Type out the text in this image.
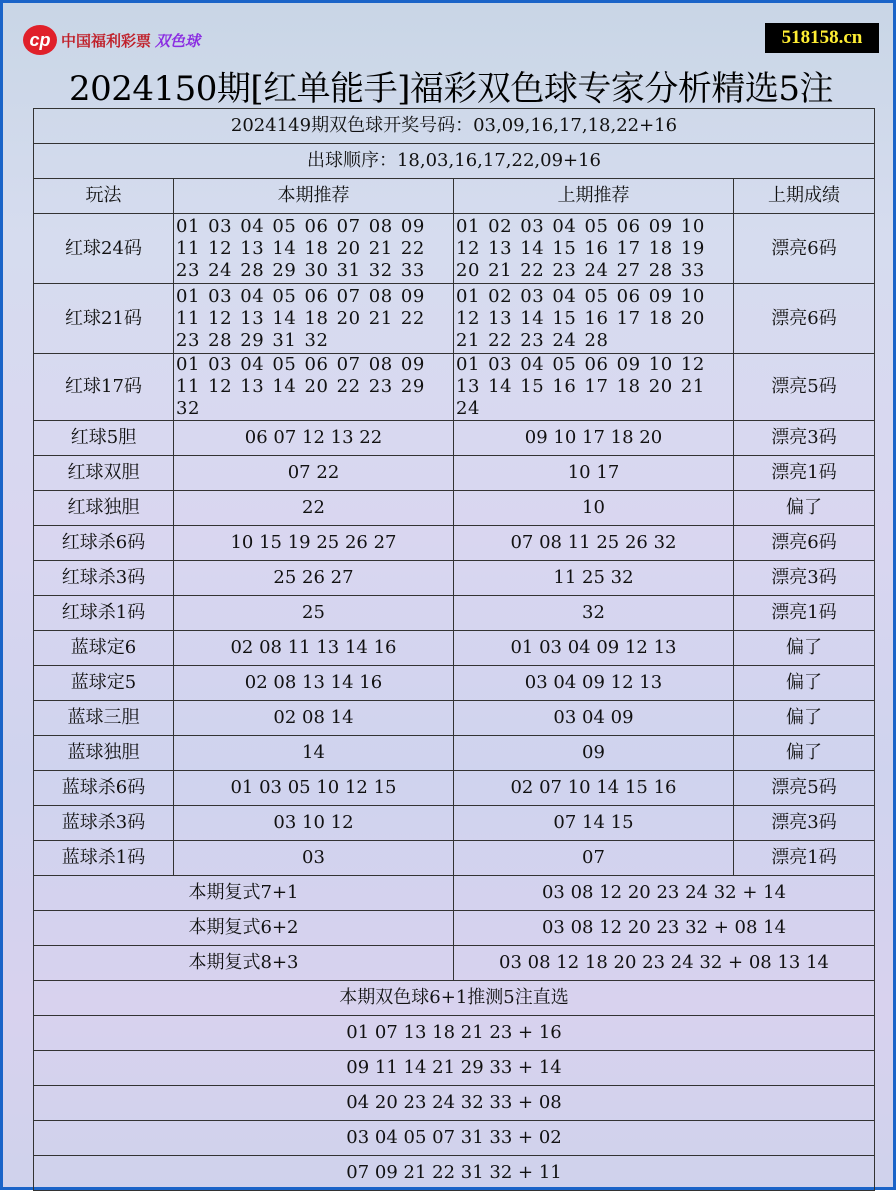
cp 中国福利彩票 双色球	518158.cn
2024150期[红单能手]福彩双色球专家分析精选5注
2024149期双色球开奖号码：03,09,16,17,18,22+16			
出球顺序：18,03,16,17,22,09+16			
玩法	本期推荐	上期推荐	上期成绩
红球24码	01 03 04 05 06 07 08 09 11 12 13 14 18 20 21 22 23 24 28 29 30 31 32 33	01 02 03 04 05 06 09 10 12 13 14 15 16 17 18 19 20 21 22 23 24 27 28 33	漂亮6码
红球21码	01 03 04 05 06 07 08 09 11 12 13 14 18 20 21 22 23 28 29 31 32	01 02 03 04 05 06 09 10 12 13 14 15 16 17 18 20 21 22 23 24 28	漂亮6码
红球17码	01 03 04 05 06 07 08 09 11 12 13 14 20 22 23 29 32	01 03 04 05 06 09 10 12 13 14 15 16 17 18 20 21 24	漂亮5码
红球5胆	06 07 12 13 22	09 10 17 18 20	漂亮3码
红球双胆	07 22	10 17	漂亮1码
红球独胆	22	10	偏了
红球杀6码	10 15 19 25 26 27	07 08 11 25 26 32	漂亮6码
红球杀3码	25 26 27	11 25 32	漂亮3码
红球杀1码	25	32	漂亮1码
蓝球定6	02 08 11 13 14 16	01 03 04 09 12 13	偏了
蓝球定5	02 08 13 14 16	03 04 09 12 13	偏了
蓝球三胆	02 08 14	03 04 09	偏了
蓝球独胆	14	09	偏了
蓝球杀6码	01 03 05 10 12 15	02 07 10 14 15 16	漂亮5码
蓝球杀3码	03 10 12	07 14 15	漂亮3码
蓝球杀1码	03	07	漂亮1码
本期复式7+1		03 08 12 20 23 24 32 + 14	
本期复式6+2		03 08 12 20 23 32 + 08 14	
本期复式8+3		03 08 12 18 20 23 24 32 + 08 13 14	
本期双色球6+1推测5注直选			
01 07 13 18 21 23 + 16			
09 11 14 21 29 33 + 14			
04 20 23 24 32 33 + 08			
03 04 05 07 31 33 + 02			
07 09 21 22 31 32 + 11			
